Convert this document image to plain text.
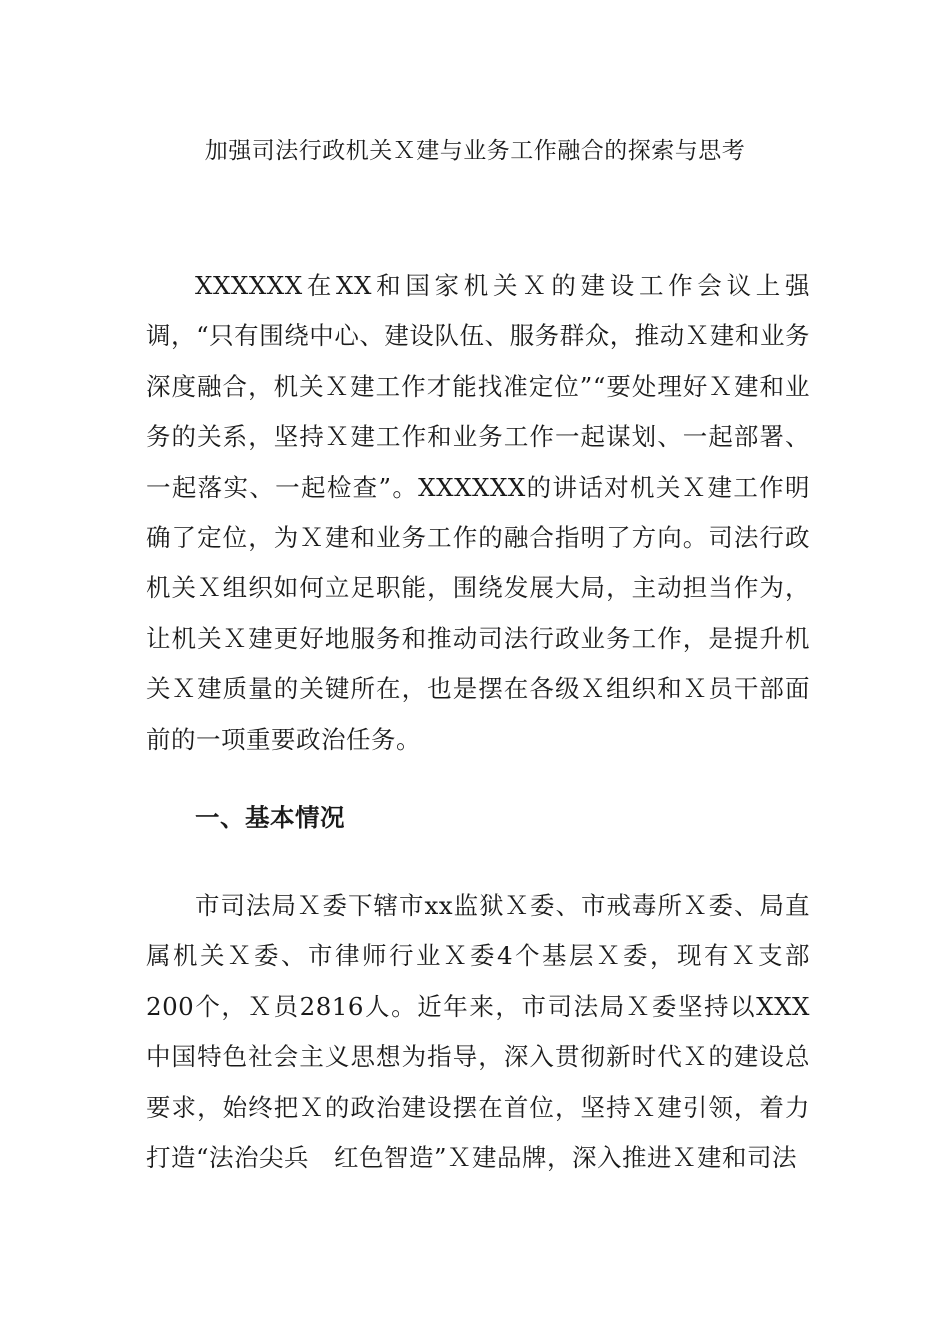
加强司法行政机关Ｘ建与业务工作融合的探索与思考

XXXXXX在XX和国家机关Ｘ的建设工作会议上强调，“只有围绕中心、建设队伍、服务群众，推动Ｘ建和业务深度融合，机关Ｘ建工作才能找准定位”“要处理好Ｘ建和业务的关系，坚持Ｘ建工作和业务工作一起谋划、一起部署、一起落实、一起检查”。XXXXXX的讲话对机关Ｘ建工作明确了定位，为Ｘ建和业务工作的融合指明了方向。司法行政机关Ｘ组织如何立足职能，围绕发展大局，主动担当作为，让机关Ｘ建更好地服务和推动司法行政业务工作，是提升机关Ｘ建质量的关键所在，也是摆在各级Ｘ组织和Ｘ员干部面前的一项重要政治任务。

一、基本情况

市司法局Ｘ委下辖市xx监狱Ｘ委、市戒毒所Ｘ委、局直属机关Ｘ委、市律师行业Ｘ委4个基层Ｘ委，现有Ｘ支部200个，Ｘ员2816人。近年来，市司法局Ｘ委坚持以XXX中国特色社会主义思想为指导，深入贯彻新时代Ｘ的建设总要求，始终把Ｘ的政治建设摆在首位，坚持Ｘ建引领，着力打造“法治尖兵　红色智造”Ｘ建品牌，深入推进Ｘ建和司法
